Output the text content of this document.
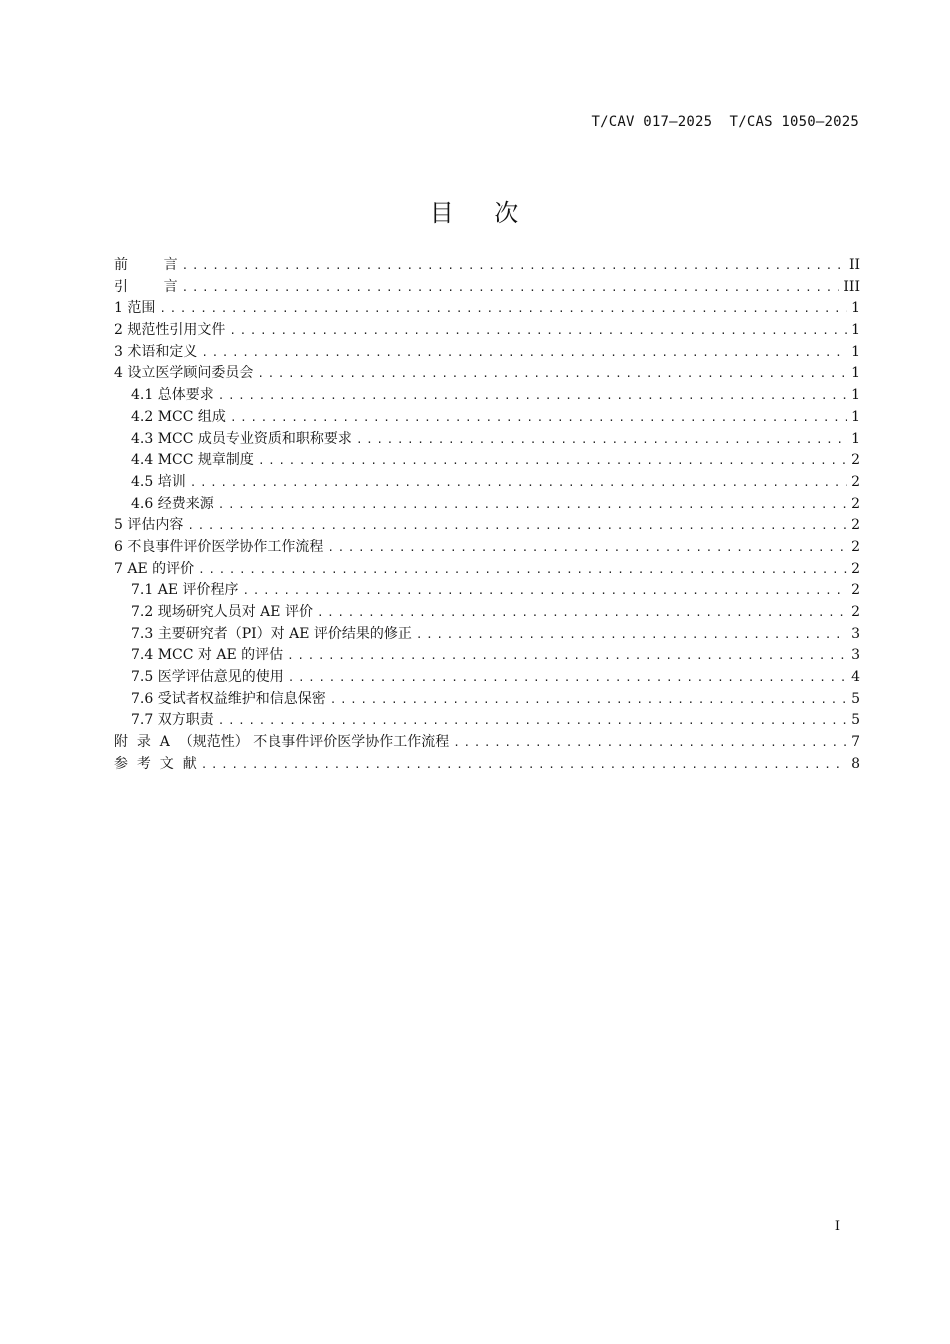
T/CAV 017—2025  T/CAS 1050—2025
目    次
前        言 .....	II
引        言 .....	III
1 范围 .....	1
2 规范性引用文件 .....	1
3 术语和定义 .....	1
4 设立医学顾问委员会 .....	1
4.1 总体要求 .....	1
4.2 MCC 组成 .....	1
4.3 MCC 成员专业资质和职称要求 .....	1
4.4 MCC 规章制度 .....	2
4.5 培训 .....	2
4.6 经费来源 .....	2
5 评估内容 .....	2
6 不良事件评价医学协作工作流程 .....	2
7 AE 的评价 .....	2
7.1 AE 评价程序 .....	2
7.2 现场研究人员对 AE 评价 .....	2
7.3 主要研究者（PI）对 AE 评价结果的修正 .....	3
7.4 MCC 对 AE 的评估 .....	3
7.5 医学评估意见的使用 .....	4
7.6 受试者权益维护和信息保密 .....	5
7.7 双方职责 .....	5
附  录  A  （规范性） 不良事件评价医学协作工作流程 .....	7
参  考  文  献 .....	8
I
